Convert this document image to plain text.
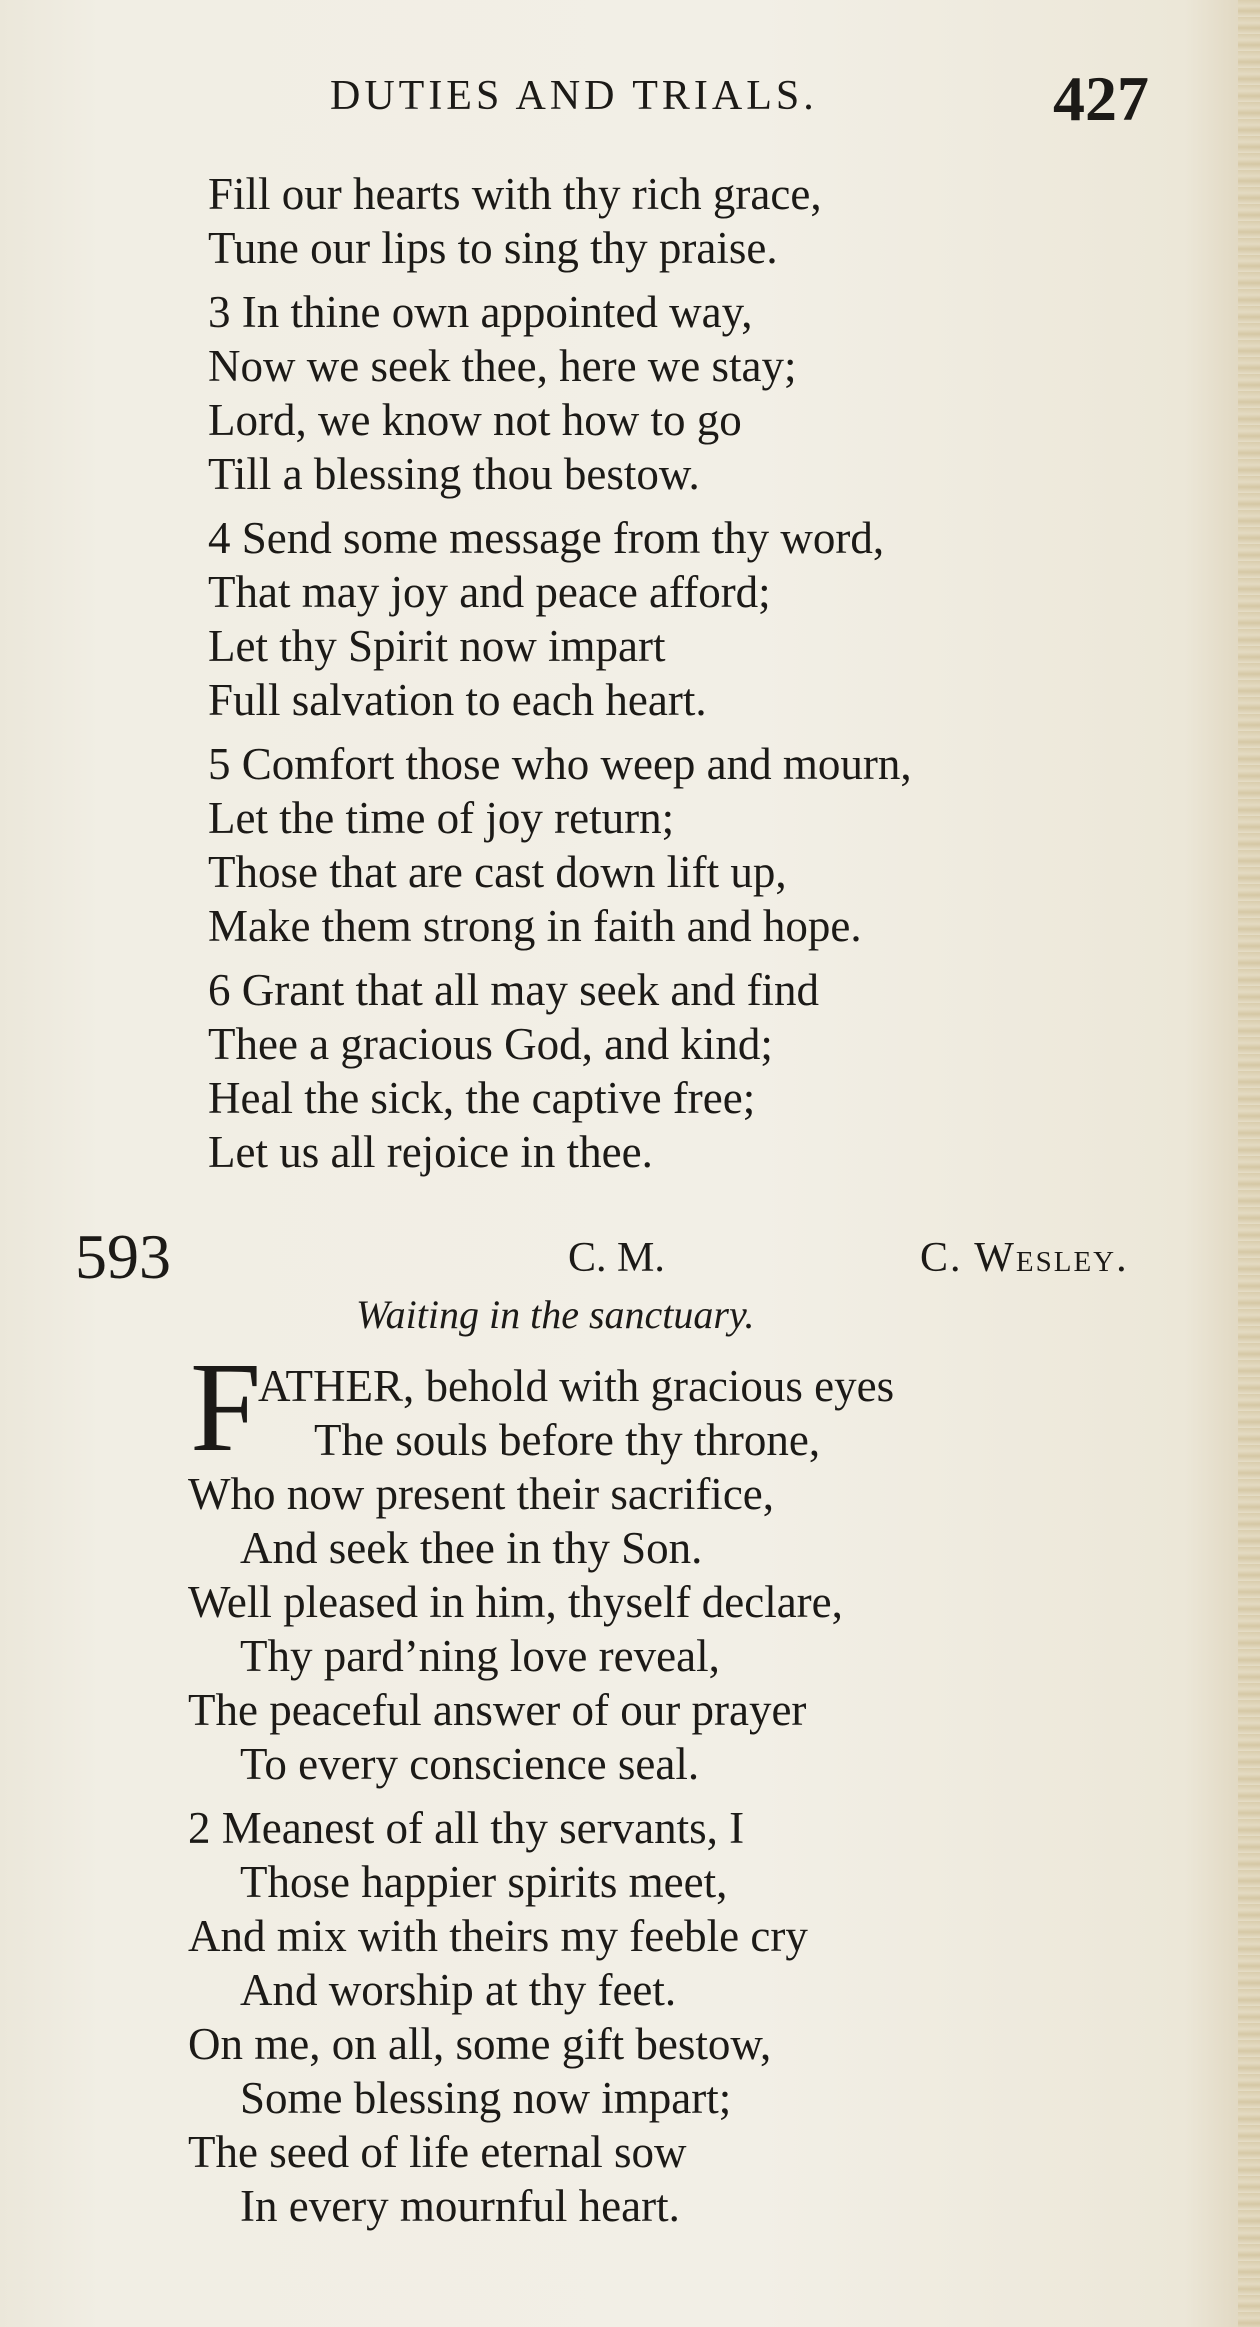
DUTIES AND TRIALS.	427
Fill our hearts with thy rich grace,
Tune our lips to sing thy praise.
3 In thine own appointed way,
Now we seek thee, here we stay;
Lord, we know not how to go
Till a blessing thou bestow.
4 Send some message from thy word,
That may joy and peace afford;
Let thy Spirit now impart
Full salvation to each heart.
5 Comfort those who weep and mourn,
Let the time of joy return;
Those that are cast down lift up,
Make them strong in faith and hope.
6 Grant that all may seek and find
Thee a gracious God, and kind;
Heal the sick, the captive free;
Let us all rejoice in thee.
593	C. M.	C. Wesley.
Waiting in the sanctuary.
F
ATHER, behold with gracious eyes
The souls before thy throne,
Who now present their sacrifice,
And seek thee in thy Son.
Well pleased in him, thyself declare,
Thy pard’ning love reveal,
The peaceful answer of our prayer
To every conscience seal.
2 Meanest of all thy servants, I
Those happier spirits meet,
And mix with theirs my feeble cry
And worship at thy feet.
On me, on all, some gift bestow,
Some blessing now impart;
The seed of life eternal sow
In every mournful heart.
